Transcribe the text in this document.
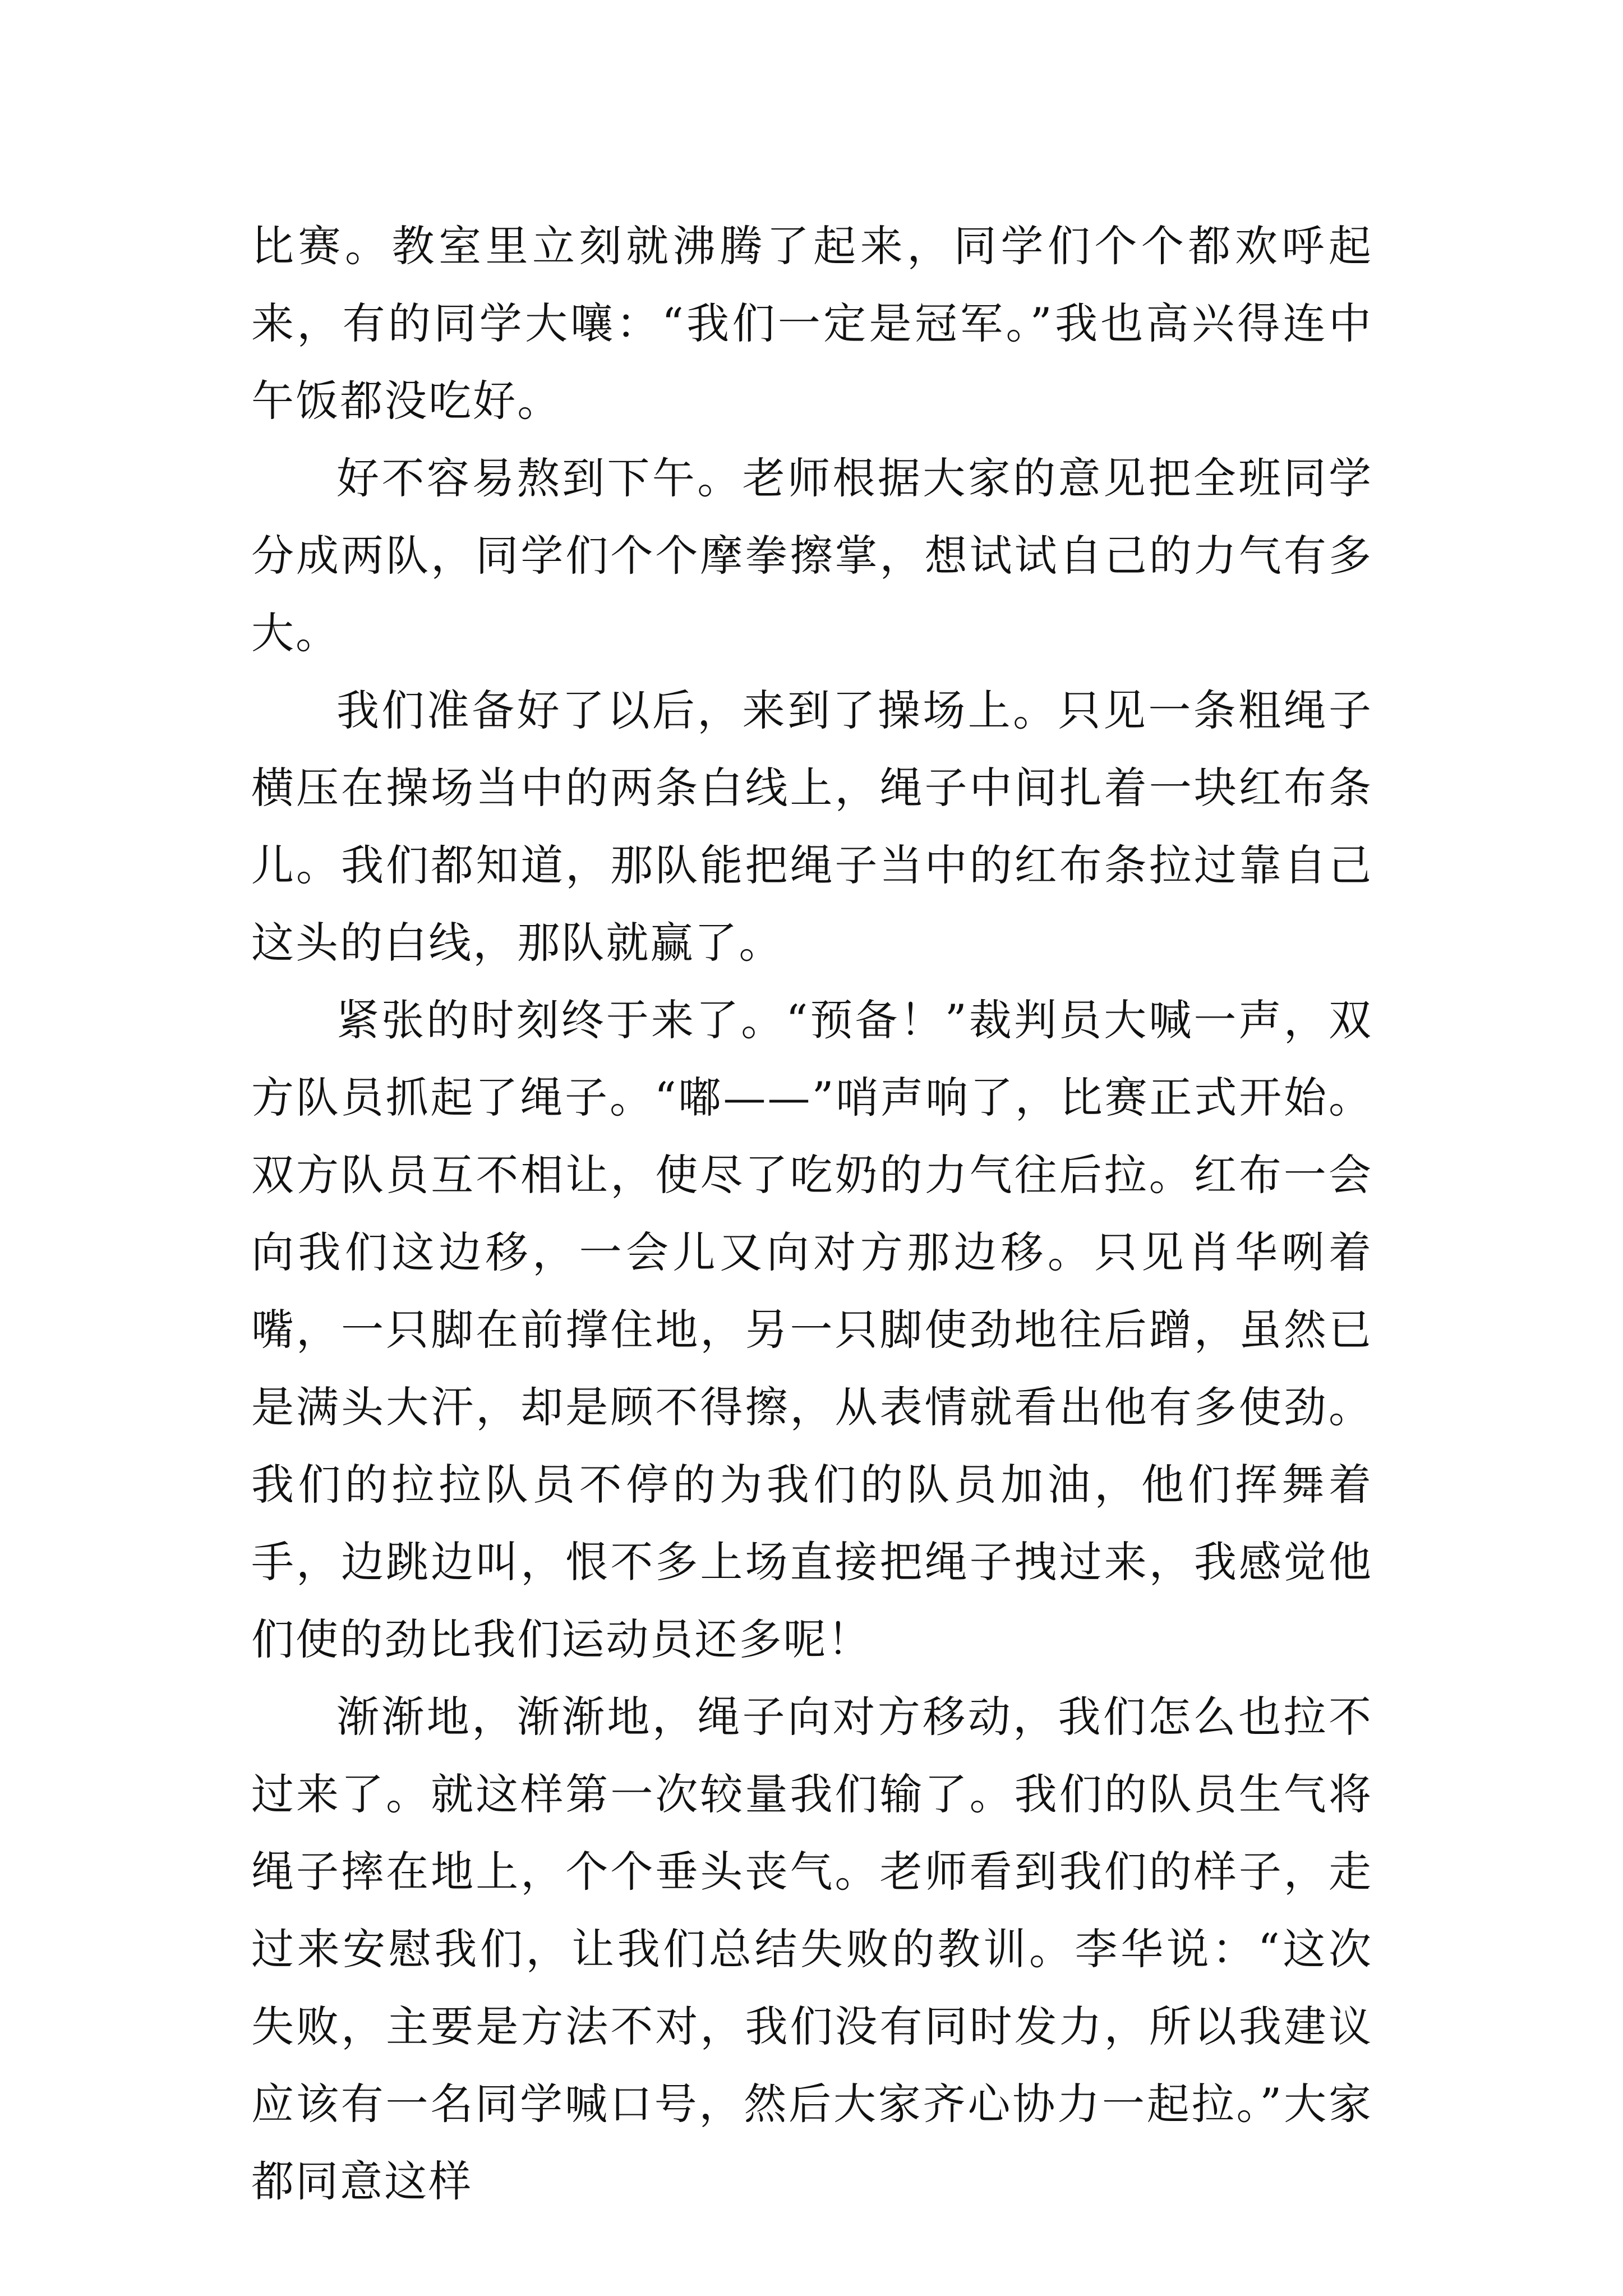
比赛。教室里立刻就沸腾了起来，同学们个个都欢呼起来，有的同学大嚷：“我们一定是冠军。”我也高兴得连中午饭都没吃好。

好不容易熬到下午。老师根据大家的意见把全班同学分成两队，同学们个个摩拳擦掌，想试试自己的力气有多大。

我们准备好了以后，来到了操场上。只见一条粗绳子横压在操场当中的两条白线上，绳子中间扎着一块红布条儿。我们都知道，那队能把绳子当中的红布条拉过靠自己这头的白线，那队就赢了。

紧张的时刻终于来了。“预备！”裁判员大喊一声，双方队员抓起了绳子。“嘟——”哨声响了，比赛正式开始。双方队员互不相让，使尽了吃奶的力气往后拉。红布一会向我们这边移，一会儿又向对方那边移。只见肖华咧着嘴，一只脚在前撑住地，另一只脚使劲地往后蹭，虽然已是满头大汗，却是顾不得擦，从表情就看出他有多使劲。我们的拉拉队员不停的为我们的队员加油，他们挥舞着手，边跳边叫，恨不多上场直接把绳子拽过来，我感觉他们使的劲比我们运动员还多呢！

渐渐地，渐渐地，绳子向对方移动，我们怎么也拉不过来了。就这样第一次较量我们输了。我们的队员生气将绳子摔在地上，个个垂头丧气。老师看到我们的样子，走过来安慰我们，让我们总结失败的教训。李华说：“这次失败，主要是方法不对，我们没有同时发力，所以我建议应该有一名同学喊口号，然后大家齐心协力一起拉。”大家都同意这样
